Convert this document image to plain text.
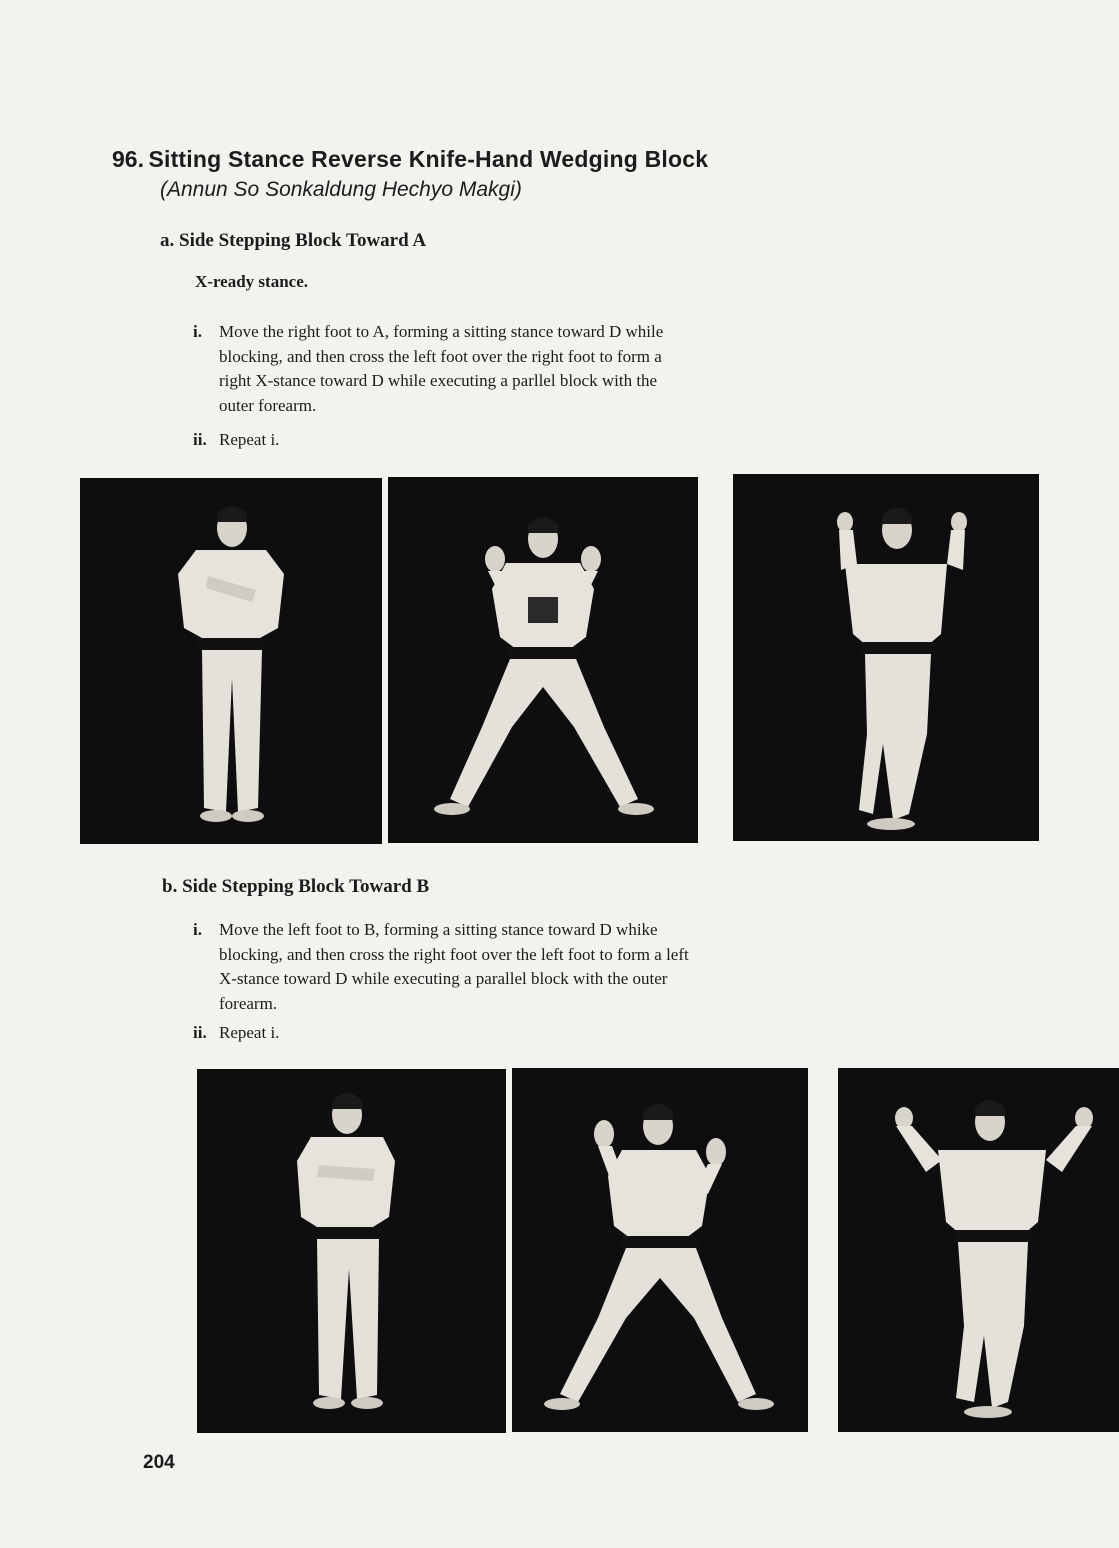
96. Sitting Stance Reverse Knife-Hand Wedging Block
(Annun So Sonkaldung Hechyo Makgi)
a. Side Stepping Block Toward A
X-ready stance.
i. Move the right foot to A, forming a sitting stance toward D while
blocking, and then cross the left foot over the right foot to form a
right X-stance toward D while executing a parllel block with the
outer forearm.
ii. Repeat i.
b. Side Stepping Block Toward B
i. Move the left foot to B, forming a sitting stance toward D whike
blocking, and then cross the right foot over the left foot to form a left
X-stance toward D while executing a parallel block with the outer
forearm.
ii. Repeat i.
204
